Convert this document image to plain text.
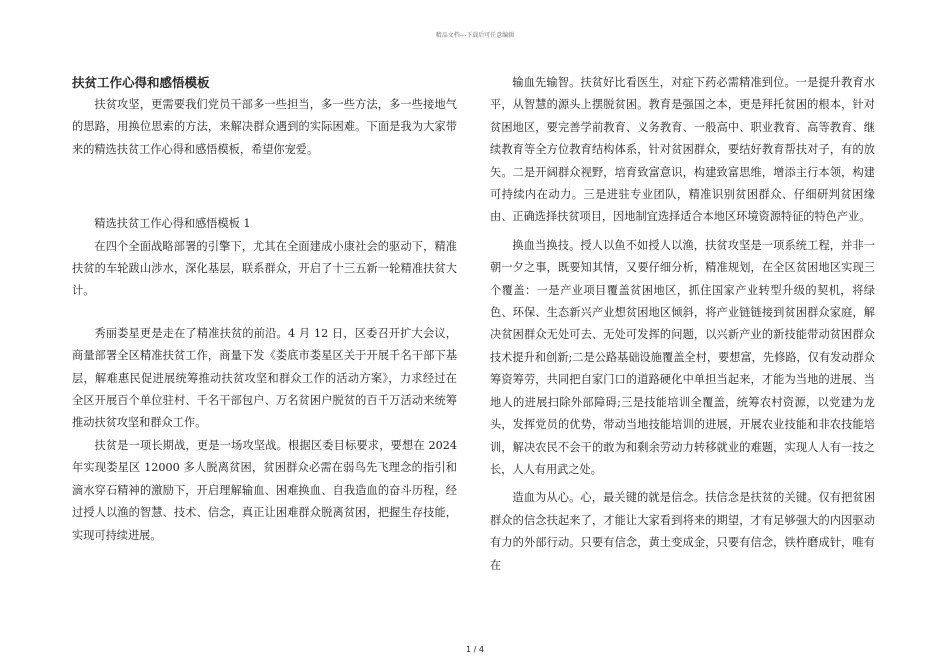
精品文档---下载后可任意编辑
扶贫工作心得和感悟模板

扶贫攻坚，更需要我们党员干部多一些担当，多一些方法，多一些接地气的思路，用换位思索的方法，来解决群众遇到的实际困难。下面是我为大家带来的精选扶贫工作心得和感悟模板，希望你宠爱。

精选扶贫工作心得和感悟模板 1

在四个全面战略部署的引擎下，尤其在全面建成小康社会的驱动下，精准扶贫的车轮跋山涉水，深化基层，联系群众，开启了十三五新一轮精准扶贫大计。

秀丽娄星更是走在了精准扶贫的前沿。4 月 12 日，区委召开扩大会议，商量部署全区精准扶贫工作，商量下发《娄底市娄星区关于开展千名干部下基层，解难惠民促进展统筹推动扶贫攻坚和群众工作的活动方案》，力求经过在全区开展百个单位驻村、千名干部包户、万名贫困户脱贫的百千万活动来统筹推动扶贫攻坚和群众工作。

扶贫是一项长期战，更是一场攻坚战。根据区委目标要求，要想在 2024 年实现娄星区 12000 多人脱离贫困，贫困群众必需在弱鸟先飞理念的指引和滴水穿石精神的激励下，开启理解输血、困难换血、自我造血的奋斗历程，经过授人以渔的智慧、技术、信念，真正让困难群众脱离贫困，把握生存技能，实现可持续进展。

输血先输智。扶贫好比看医生，对症下药必需精准到位。一是提升教育水平，从智慧的源头上摆脱贫困。教育是强国之本，更是拜托贫困的根本，针对贫困地区，要完善学前教育、义务教育、一般高中、职业教育、高等教育、继续教育等全方位教育结构体系，针对贫困群众，要结好教育帮扶对子，有的放矢。二是开阔群众视野，培育致富意识，构建致富思维，增添主行本领，构建可持续内在动力。三是进驻专业团队，精准识别贫困群众、仔细研判贫困缘由、正确选择扶贫项目，因地制宜选择适合本地区环境资源特征的特色产业。

换血当换技。授人以鱼不如授人以渔，扶贫攻坚是一项系统工程，并非一朝一夕之事，既要知其情，又要仔细分析，精准规划，在全区贫困地区实现三个覆盖：一是产业项目覆盖贫困地区，抓住国家产业转型升级的契机，将绿色、环保、生态新兴产业想贫困地区倾斜，将产业链链接到贫困群众家庭，解决贫困群众无处可去、无处可发挥的问题，以兴新产业的新技能带动贫困群众技术提升和创新;二是公路基础设施覆盖全村，要想富，先修路，仅有发动群众筹资筹劳，共同把自家门口的道路硬化中单担当起来，才能为当地的进展、当地人的进展扫除外部障碍;三是技能培训全覆盖，统筹农村资源，以党建为龙头，发挥党员的优势，带动当地技能培训的进展，开展农业技能和非农技能培训，解决农民不会干的敢为和剩余劳动力转移就业的难题，实现人人有一技之长，人人有用武之处。

造血为从心。心，最关键的就是信念。扶信念是扶贫的关键。仅有把贫困群众的信念扶起来了，才能让大家看到将来的期望，才有足够强大的内因驱动有力的外部行动。只要有信念，黄土变成金，只要有信念，铁杵磨成针，唯有在

1 / 4
